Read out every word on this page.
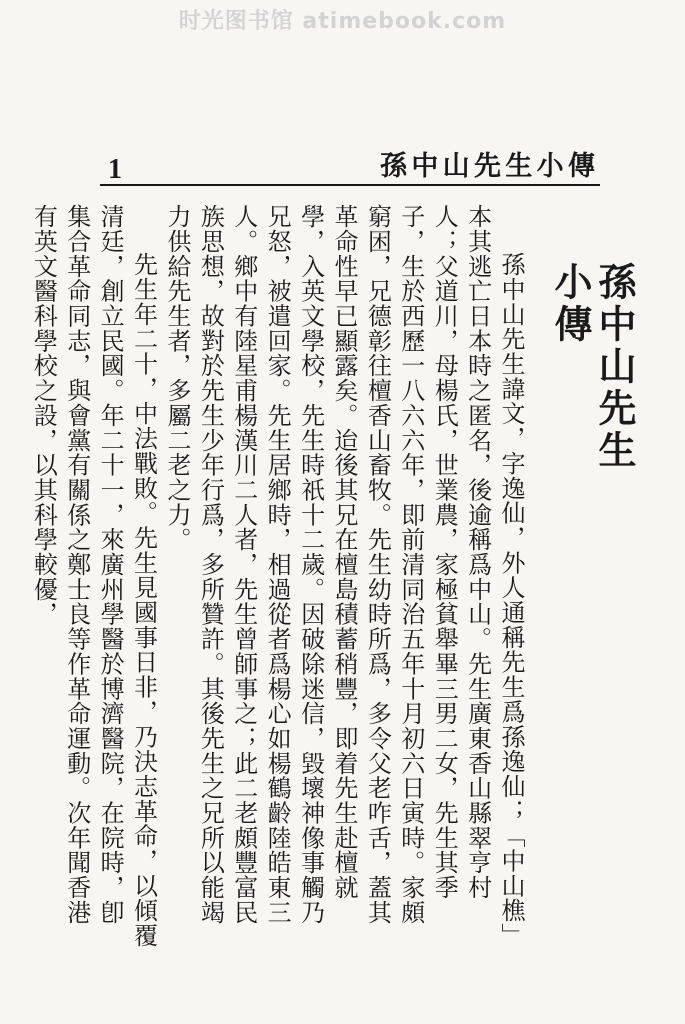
时光图书馆 atimebook.com
1	孫 中 山 先 生 小 傳
孫中山先生小傳

孫中山先生諱文，字逸仙，外人通稱先生爲孫逸仙；「中山樵」本其逃亡日本時之匿名，後逾稱爲中山。先生廣東香山縣翠亨村人；父道川，母楊氏，世業農，家極貧舉畢三男二女，先生其季子，生於西歷一八六六年，即前清同治五年十月初六日寅時。家頗窮困，兄德彰往檀香山畜牧。先生幼時所爲，多令父老咋舌，蓋其革命性早已顯露矣。迨後其兄在檀島積蓄稍豐，即着先生赴檀就學，入英文學校，先生時祇十二歲。因破除迷信，毀壞神像事觸乃兄怒，被遣回家。先生居鄉時，相過從者爲楊心如楊鶴齡陸皓東三人。鄉中有陸星甫楊漢川二人者，先生曾師事之；此二老頗豐富民族思想，故對於先生少年行爲，多所贊許。其後先生之兄所以能竭力供給先生者，多屬二老之力。

先生年二十，中法戰敗。先生見國事日非，乃決志革命，以傾覆清廷，創立民國。年二十一，來廣州學醫於博濟醫院，在院時，卽集合革命同志，與會黨有關係之鄭士良等作革命運動。次年聞香港有英文醫科學校之設，以其科學較優，
